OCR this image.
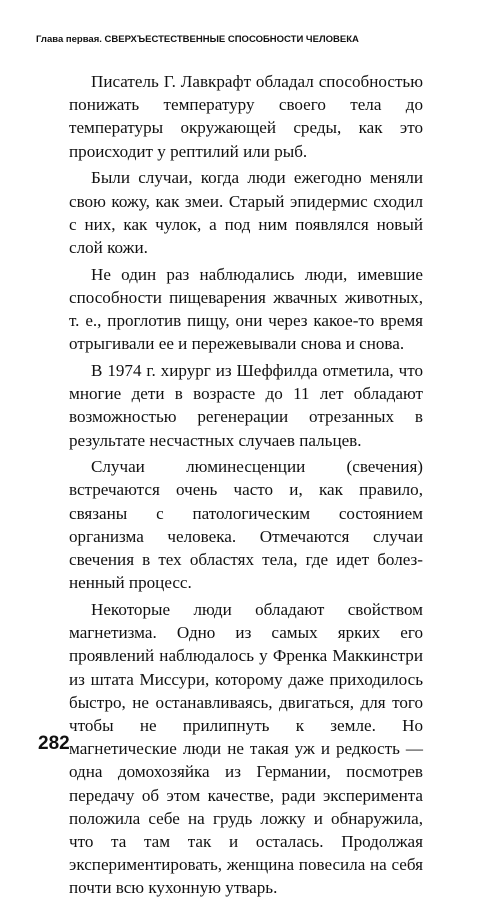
Глава первая. СВЕРХЪЕСТЕСТВЕННЫЕ СПОСОБНОСТИ ЧЕЛОВЕКА

Писатель Г. Лавкрафт обладал способностью понижать температуру своего тела до температуры окружающей среды, как это происходит у рептилий или рыб.

Были случаи, когда люди ежегодно меняли свою кожу, как змеи. Старый эпидермис сходил с них, как чулок, а под ним появлялся новый слой кожи.

Не один раз наблюдались люди, имевшие способности пищеварения жвачных животных, т. е., проглотив пищу, они через какое-то время отрыгивали ее и пережевывали снова и снова.

В 1974 г. хирург из Шеффилда отметила, что многие дети в возрасте до 11 лет обладают возможностью регенерации отрезанных в результате несчастных случаев пальцев.

Случаи люминесценции (свечения) встречаются очень часто и, как правило, связаны с патологическим состоянием организма человека. Отмечаются случаи свечения в тех областях тела, где идет болезненный процесс.

Некоторые люди обладают свойством магнетизма. Одно из самых ярких его проявлений наблюдалось у Френка Маккинстри из штата Миссури, которому даже приходилось быстро, не останавливаясь, двигаться, для того чтобы не прилипнуть к земле. Но магнетические люди не такая уж и редкость — одна домохозяйка из Германии, посмотрев передачу об этом качестве, ради эксперимента положила себе на грудь ложку и обнаружила, что та там так и осталась. Продолжая экспериментировать, женщина повесила на себя почти всю кухонную утварь.

282
